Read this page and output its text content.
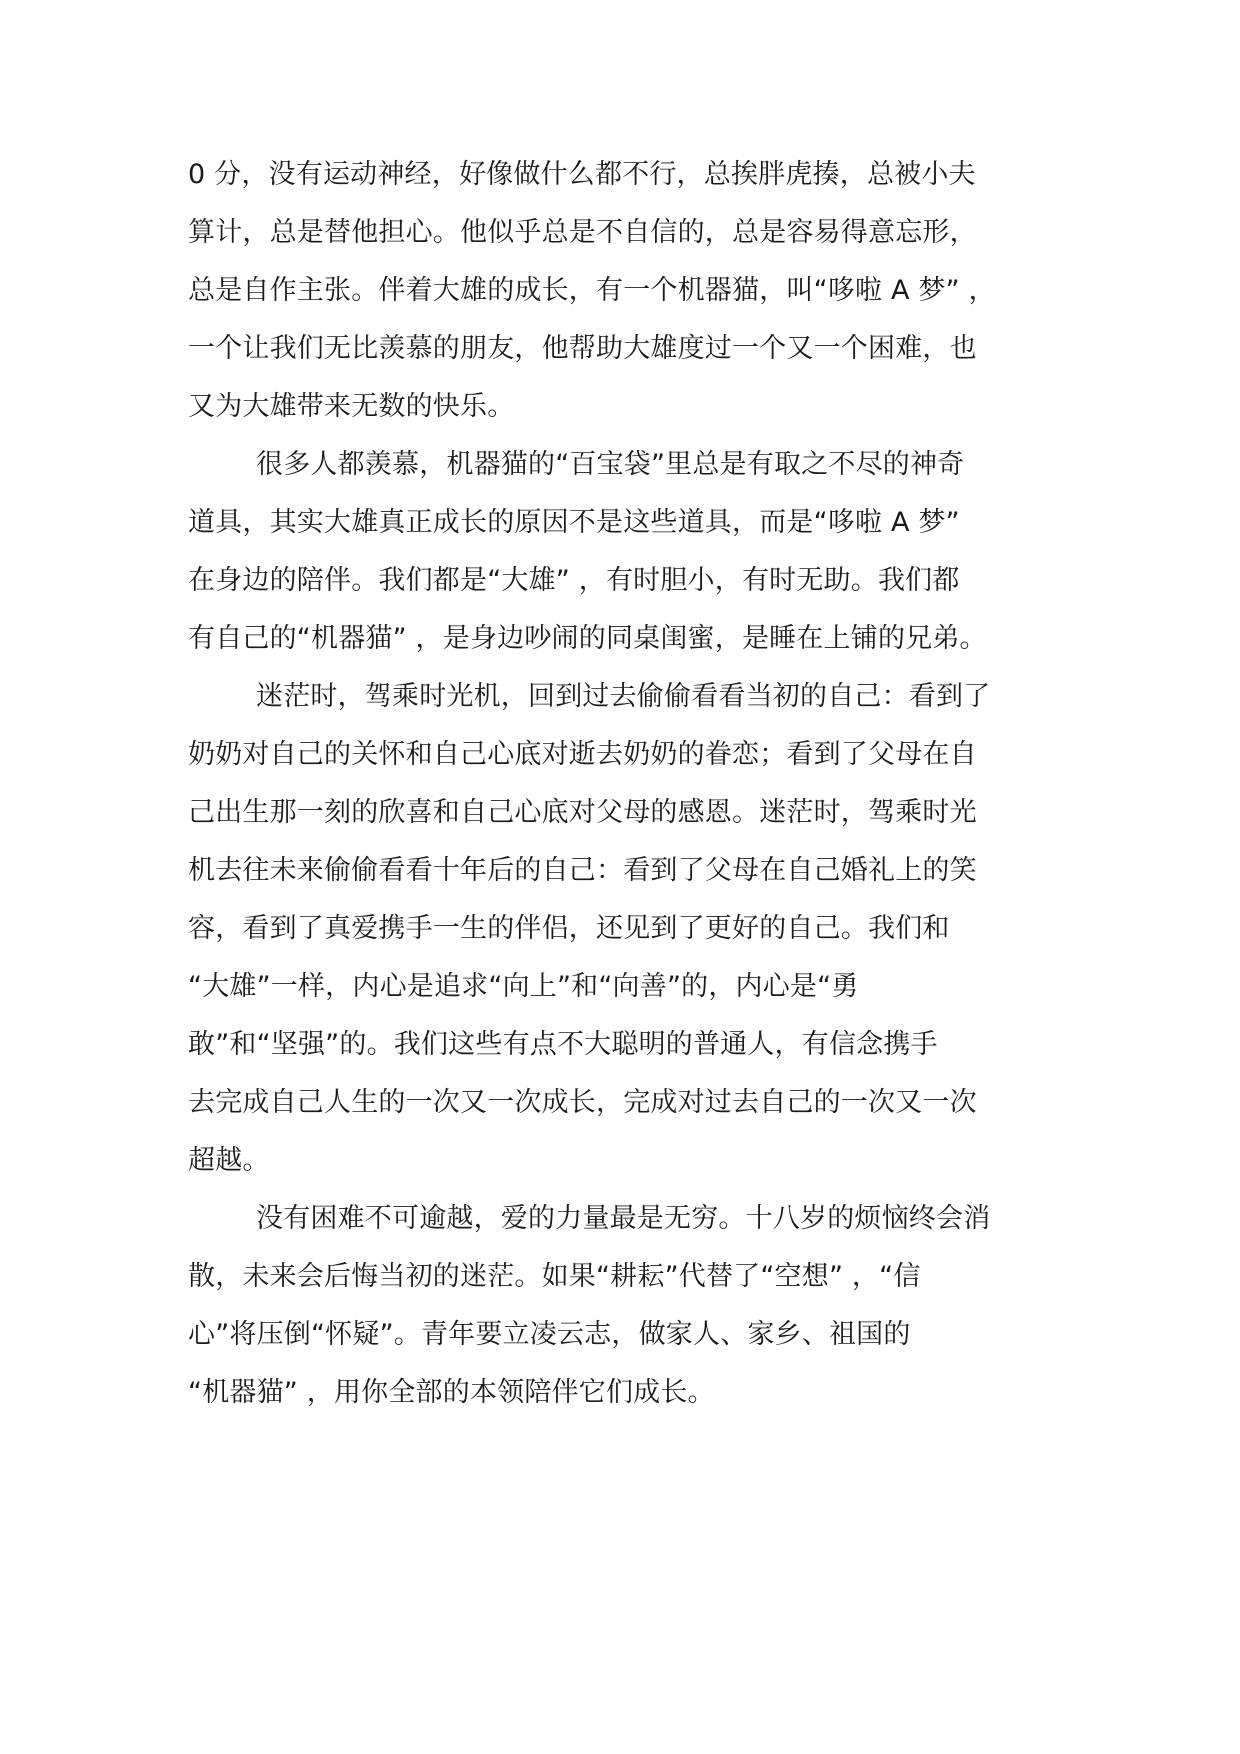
0 分，没有运动神经，好像做什么都不行，总挨胖虎揍，总被小夫
算计，总是替他担心。他似乎总是不自信的，总是容易得意忘形，
总是自作主张。伴着大雄的成长，有一个机器猫，叫“哆啦 A 梦” ，
一个让我们无比羡慕的朋友，他帮助大雄度过一个又一个困难，也
又为大雄带来无数的快乐。
很多人都羡慕，机器猫的“百宝袋”里总是有取之不尽的神奇
道具，其实大雄真正成长的原因不是这些道具，而是“哆啦 A 梦”
在身边的陪伴。我们都是“大雄” ，有时胆小，有时无助。我们都
有自己的“机器猫” ，是身边吵闹的同桌闺蜜，是睡在上铺的兄弟。
迷茫时，驾乘时光机，回到过去偷偷看看当初的自己：看到了
奶奶对自己的关怀和自己心底对逝去奶奶的眷恋；看到了父母在自
己出生那一刻的欣喜和自己心底对父母的感恩。迷茫时，驾乘时光
机去往未来偷偷看看十年后的自己：看到了父母在自己婚礼上的笑
容，看到了真爱携手一生的伴侣，还见到了更好的自己。我们和
“大雄”一样，内心是追求“向上”和“向善”的，内心是“勇
敢”和“坚强”的。我们这些有点不大聪明的普通人，有信念携手
去完成自己人生的一次又一次成长，完成对过去自己的一次又一次
超越。
没有困难不可逾越，爱的力量最是无穷。十八岁的烦恼终会消
散，未来会后悔当初的迷茫。如果“耕耘”代替了“空想” ，“信
心”将压倒“怀疑”。青年要立凌云志，做家人、家乡、祖国的
“机器猫” ，用你全部的本领陪伴它们成长。
